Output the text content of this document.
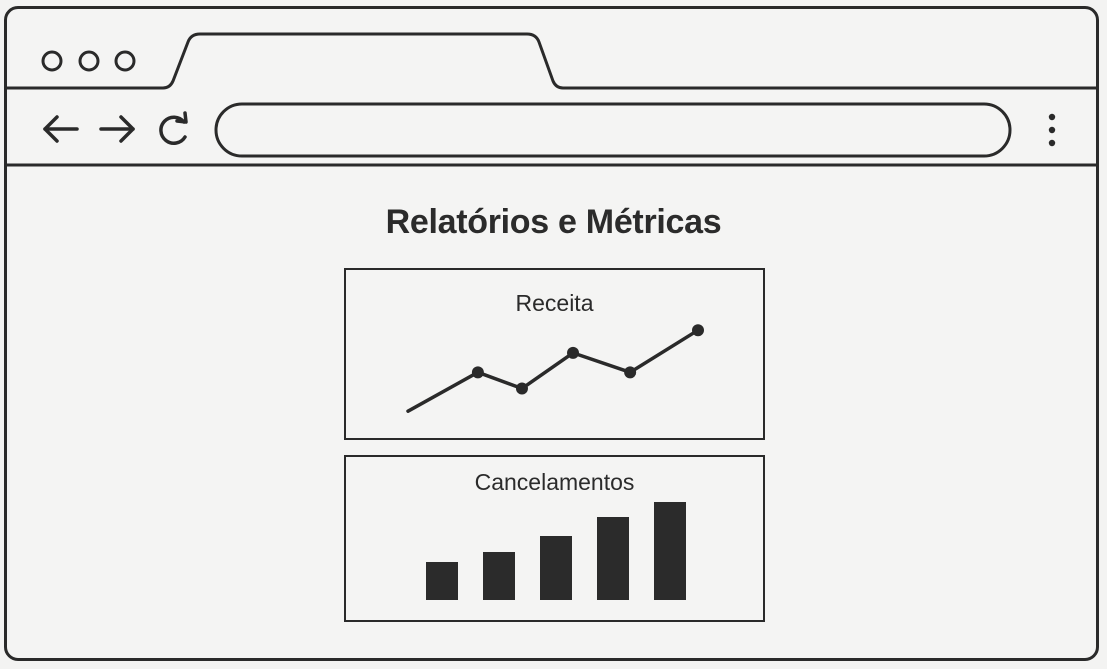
Relatórios e Métricas
Receita
Cancelamentos
